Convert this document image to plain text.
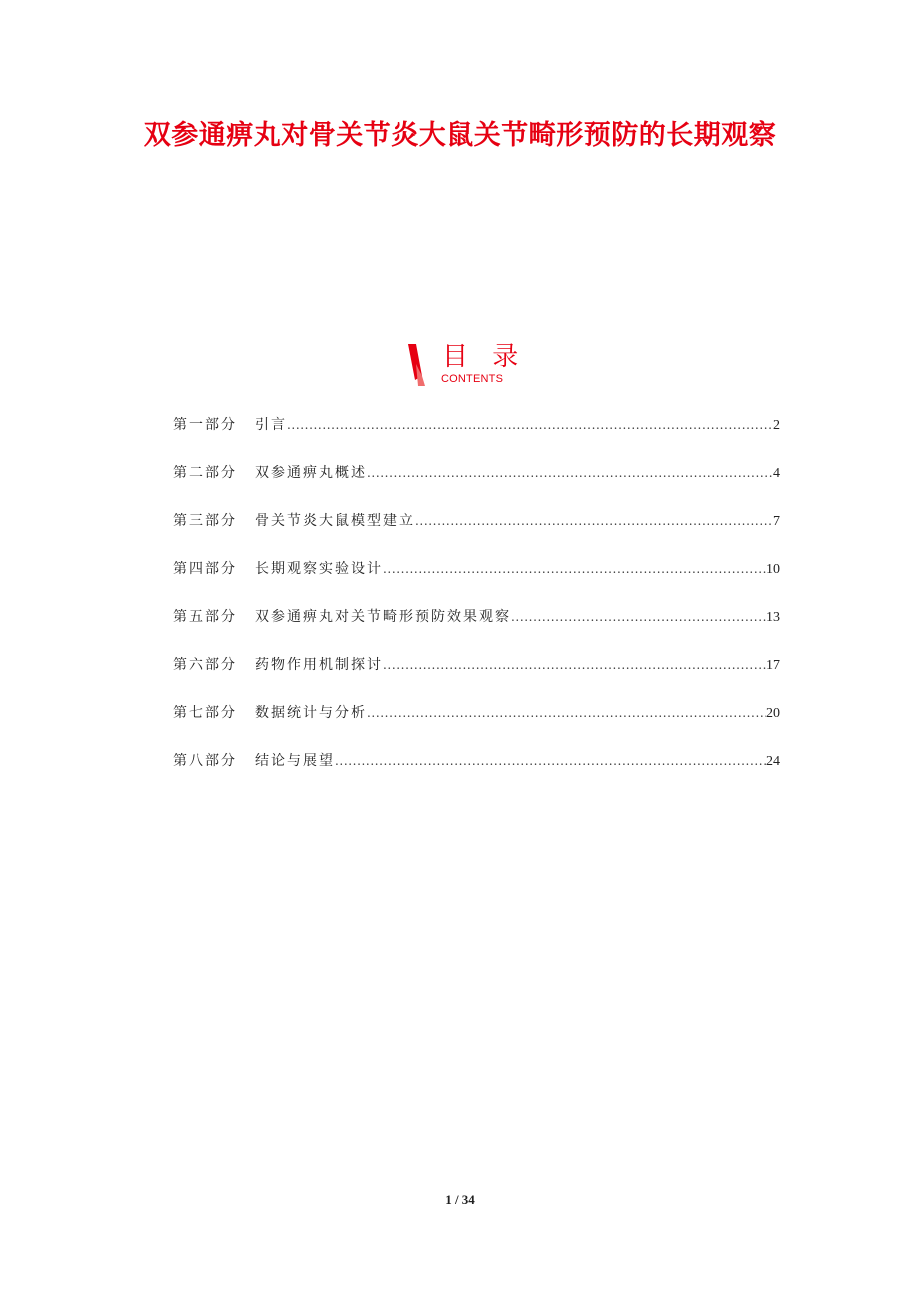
双参通痹丸对骨关节炎大鼠关节畸形预防的长期观察
目 录
CONTENTS
第一部分	引言 .....	2
第二部分	双参通痹丸概述 .....	4
第三部分	骨关节炎大鼠模型建立 .....	7
第四部分	长期观察实验设计 .....	10
第五部分	双参通痹丸对关节畸形预防效果观察 .....	13
第六部分	药物作用机制探讨 .....	17
第七部分	数据统计与分析 .....	20
第八部分	结论与展望 .....	24
1 / 34
